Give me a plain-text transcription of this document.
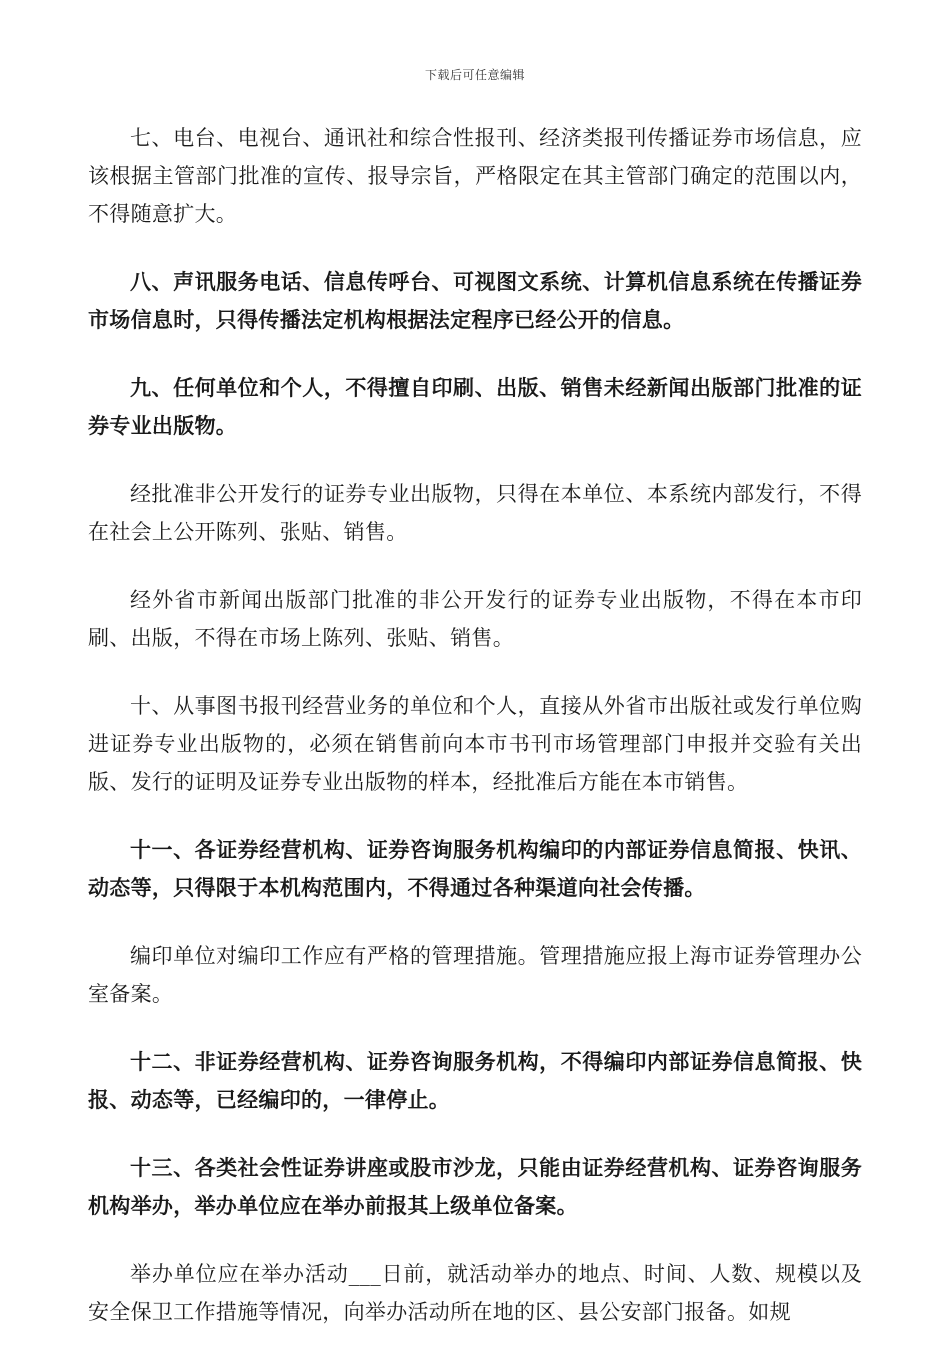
下载后可任意编辑

七、电台、电视台、通讯社和综合性报刊、经济类报刊传播证券市场信息，应该根据主管部门批准的宣传、报导宗旨，严格限定在其主管部门确定的范围以内，不得随意扩大。

八、声讯服务电话、信息传呼台、可视图文系统、计算机信息系统在传播证券市场信息时，只得传播法定机构根据法定程序已经公开的信息。

九、任何单位和个人，不得擅自印刷、出版、销售未经新闻出版部门批准的证券专业出版物。

经批准非公开发行的证券专业出版物，只得在本单位、本系统内部发行，不得在社会上公开陈列、张贴、销售。

经外省市新闻出版部门批准的非公开发行的证券专业出版物，不得在本市印刷、出版，不得在市场上陈列、张贴、销售。

十、从事图书报刊经营业务的单位和个人，直接从外省市出版社或发行单位购进证券专业出版物的，必须在销售前向本市书刊市场管理部门申报并交验有关出版、发行的证明及证券专业出版物的样本，经批准后方能在本市销售。

十一、各证券经营机构、证券咨询服务机构编印的内部证券信息简报、快讯、动态等，只得限于本机构范围内，不得通过各种渠道向社会传播。

编印单位对编印工作应有严格的管理措施。管理措施应报上海市证券管理办公室备案。

十二、非证券经营机构、证券咨询服务机构，不得编印内部证券信息简报、快报、动态等，已经编印的，一律停止。

十三、各类社会性证券讲座或股市沙龙，只能由证券经营机构、证券咨询服务机构举办，举办单位应在举办前报其上级单位备案。

举办单位应在举办活动___日前，就活动举办的地点、时间、人数、规模以及安全保卫工作措施等情况，向举办活动所在地的区、县公安部门报备。如规
